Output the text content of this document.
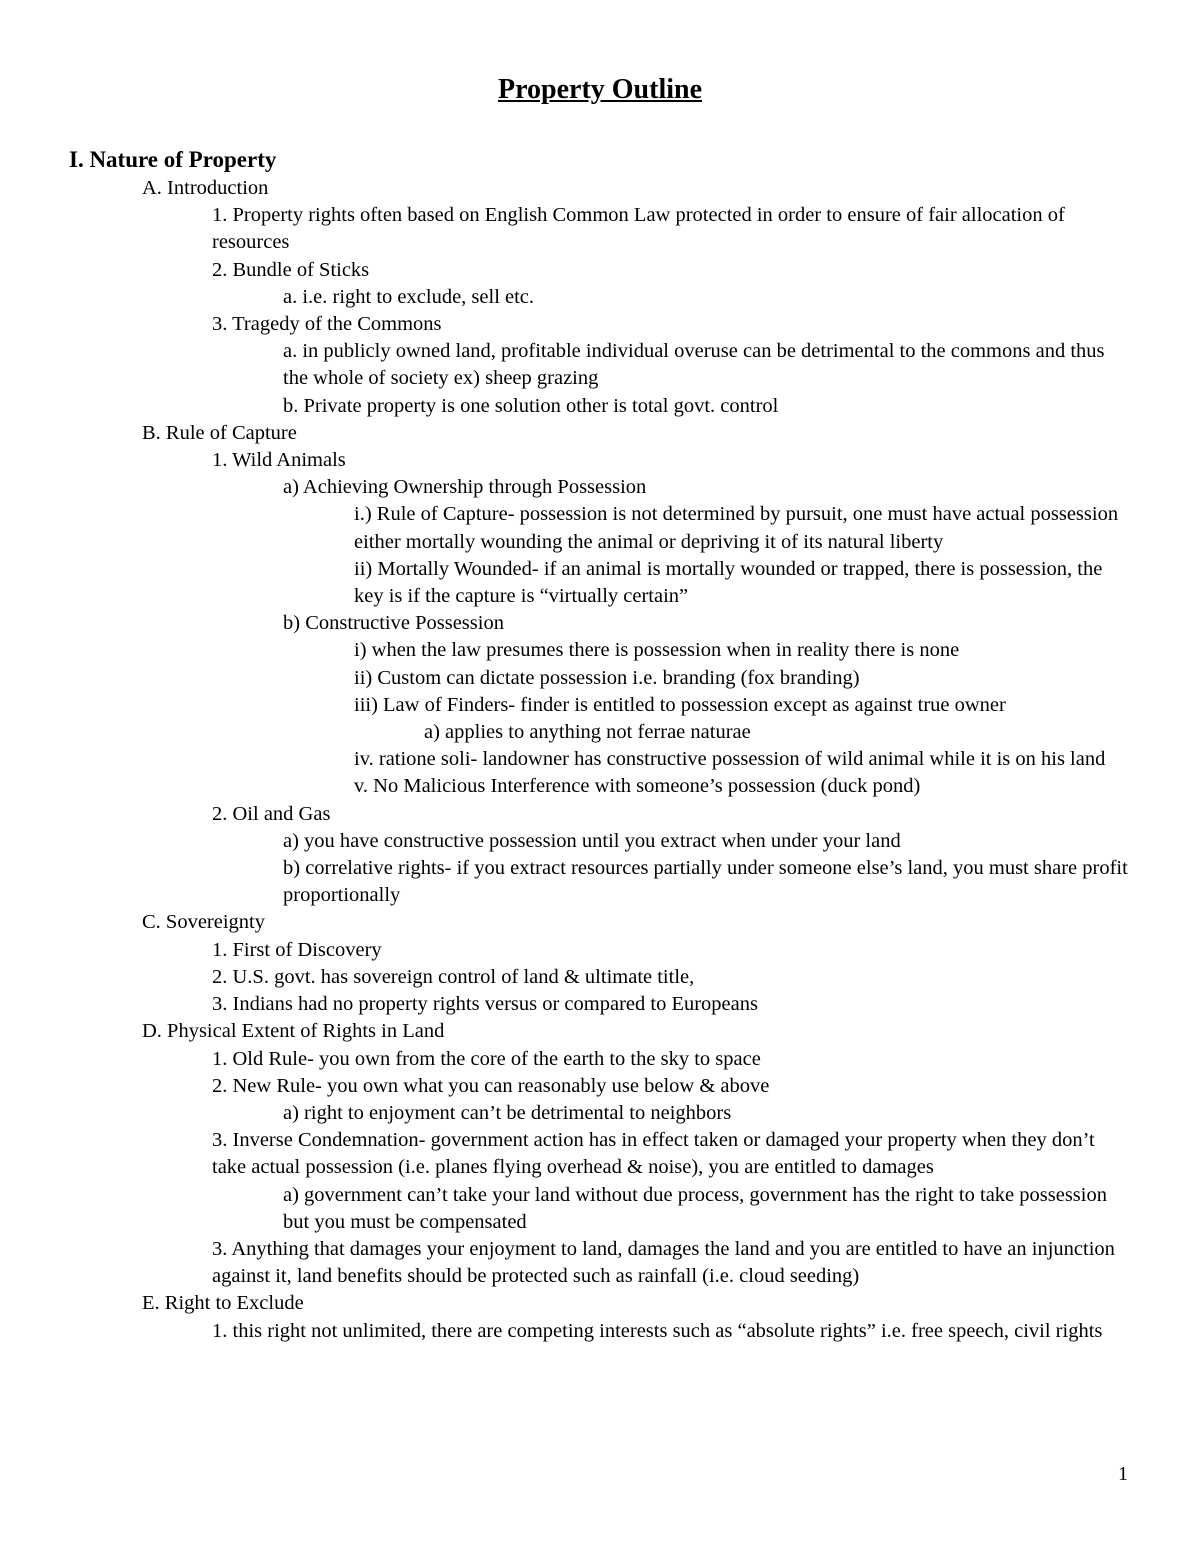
Property Outline
I. Nature of Property
A. Introduction
1. Property rights often based on English Common Law protected in order to ensure of fair allocation of resources
2. Bundle of Sticks
a. i.e. right to exclude, sell etc.
3. Tragedy of the Commons
a. in publicly owned land, profitable individual overuse can be detrimental to the commons and thus the whole of society ex) sheep grazing
b. Private property is one solution other is total govt. control
B. Rule of Capture
1. Wild Animals
a) Achieving Ownership through Possession
i.) Rule of Capture- possession is not determined by pursuit, one must have actual possession either mortally wounding the animal or depriving it of its natural liberty
ii) Mortally Wounded- if an animal is mortally wounded or trapped, there is possession, the key is if the capture is “virtually certain”
b) Constructive Possession
i) when the law presumes there is possession when in reality there is none
ii) Custom can dictate possession i.e. branding (fox branding)
iii) Law of Finders- finder is entitled to possession except as against true owner
a) applies to anything not ferrae naturae
iv. ratione soli- landowner has constructive possession of wild animal while it is on his land
v. No Malicious Interference with someone’s possession (duck pond)
2. Oil and Gas
a) you have constructive possession until you extract when under your land
b) correlative rights- if you extract resources partially under someone else’s land, you must share profit proportionally
C. Sovereignty
1. First of Discovery
2. U.S. govt. has sovereign control of land & ultimate title,
3. Indians had no property rights versus or compared to Europeans
D. Physical Extent of Rights in Land
1. Old Rule- you own from the core of the earth to the sky to space
2. New Rule- you own what you can reasonably use below & above
a) right to enjoyment can’t be detrimental to neighbors
3. Inverse Condemnation- government action has in effect taken or damaged your property when they don’t take actual possession (i.e. planes flying overhead & noise), you are entitled to damages
a) government can’t take your land without due process, government has the right to take possession but you must be compensated
3. Anything that damages your enjoyment to land, damages the land and you are entitled to have an injunction against it, land benefits should be protected such as rainfall (i.e. cloud seeding)
E. Right to Exclude
1. this right not unlimited, there are competing interests such as “absolute rights” i.e. free speech, civil rights
1
